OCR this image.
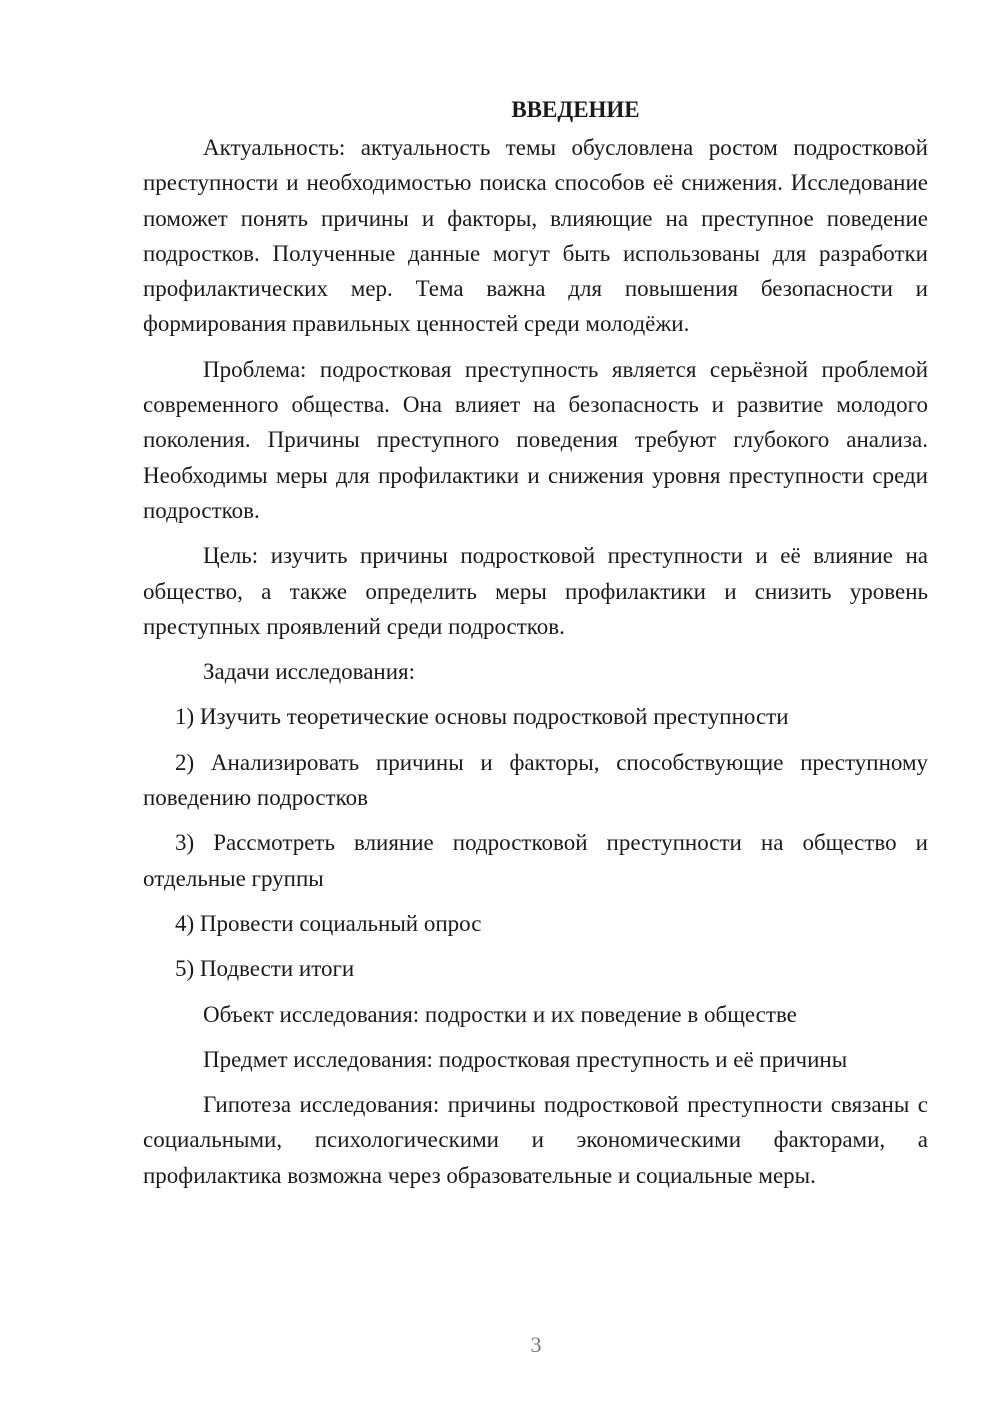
ВВЕДЕНИЕ

Актуальность: актуальность темы обусловлена ростом подростковой преступности и необходимостью поиска способов её снижения. Исследование поможет понять причины и факторы, влияющие на преступное поведение подростков. Полученные данные могут быть использованы для разработки профилактических мер. Тема важна для повышения безопасности и формирования правильных ценностей среди молодёжи.

Проблема: подростковая преступность является серьёзной проблемой современного общества. Она влияет на безопасность и развитие молодого поколения. Причины преступного поведения требуют глубокого анализа. Необходимы меры для профилактики и снижения уровня преступности среди подростков.

Цель: изучить причины подростковой преступности и её влияние на общество, а также определить меры профилактики и снизить уровень преступных проявлений среди подростков.

Задачи исследования:

1) Изучить теоретические основы подростковой преступности

2) Анализировать причины и факторы, способствующие преступному поведению подростков

3) Рассмотреть влияние подростковой преступности на общество и отдельные группы

4) Провести социальный опрос

5) Подвести итоги

Объект исследования: подростки и их поведение в обществе

Предмет исследования: подростковая преступность и её причины

Гипотеза исследования: причины подростковой преступности связаны с социальными, психологическими и экономическими факторами, а профилактика возможна через образовательные и социальные меры.

3
